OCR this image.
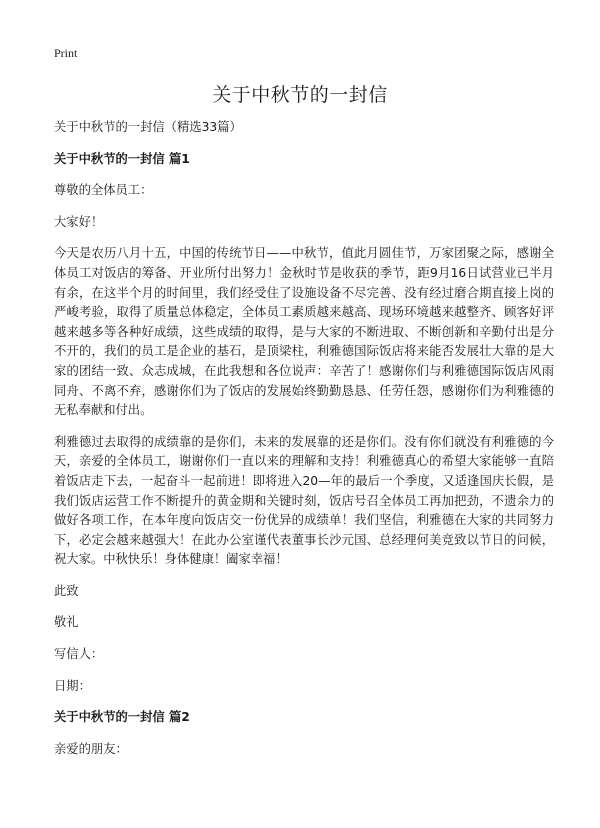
Print
关于中秋节的一封信

关于中秋节的一封信（精选33篇）

关于中秋节的一封信 篇1

尊敬的全体员工：

大家好！

今天是农历八月十五，中国的传统节日——中秋节，值此月圆佳节，万家团聚之际，感谢全体员工对饭店的筹备、开业所付出努力！金秋时节是收获的季节，距9月16日试营业已半月有余，在这半个月的时间里，我们经受住了设施设备不尽完善、没有经过磨合期直接上岗的严峻考验，取得了质量总体稳定，全体员工素质越来越高、现场环境越来越整齐、顾客好评越来越多等各种好成绩，这些成绩的取得，是与大家的不断进取、不断创新和辛勤付出是分不开的，我们的员工是企业的基石，是顶梁柱，利雅德国际饭店将来能否发展壮大靠的是大家的团结一致、众志成城，在此我想和各位说声：辛苦了！感谢你们与利雅德国际饭店风雨同舟、不离不弃，感谢你们为了饭店的发展始终勤勤恳恳、任劳任怨，感谢你们为利雅德的无私奉献和付出。

利雅德过去取得的成绩靠的是你们，未来的发展靠的还是你们。没有你们就没有利雅德的今天，亲爱的全体员工，谢谢你们一直以来的理解和支持！利雅德真心的希望大家能够一直陪着饭店走下去，一起奋斗一起前进！即将进入20—年的最后一个季度，又适逢国庆长假，是我们饭店运营工作不断提升的黄金期和关键时刻，饭店号召全体员工再加把劲，不遗余力的做好各项工作，在本年度向饭店交一份优异的成绩单！我们坚信，利雅德在大家的共同努力下，必定会越来越强大！在此办公室谨代表董事长沙元国、总经理何美竞致以节日的问候，祝大家。中秋快乐！身体健康！阖家幸福！

此致

敬礼

写信人：

日期：

关于中秋节的一封信 篇2

亲爱的朋友：
